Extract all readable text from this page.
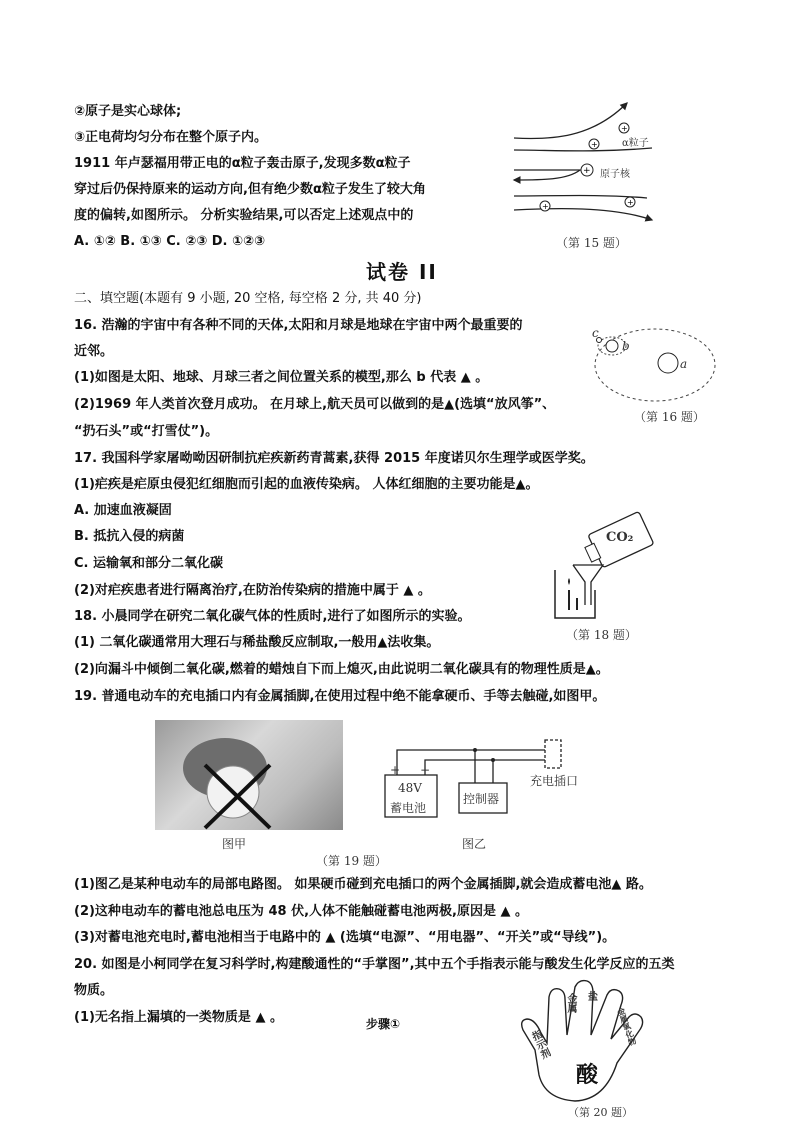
②原子是实心球体;
③正电荷均匀分布在整个原子内。
1911 年卢瑟福用带正电的α粒子轰击原子,发现多数α粒子
穿过后仍保持原来的运动方向,但有绝少数α粒子发生了较大角
度的偏转,如图所示。 分析实验结果,可以否定上述观点中的
A. ①② B. ①③ C. ②③ D. ①②③
+
+
+
+	+
α粒子
原子核
（第 15 题）
试卷 II
二、填空题(本题有 9 小题, 20 空格, 每空格 2 分, 共 40 分)
16. 浩瀚的宇宙中有各种不同的天体,太阳和月球是地球在宇宙中两个最重要的
近邻。
(1)如图是太阳、地球、月球三者之间位置关系的模型,那么 b 代表 ▲ 。
(2)1969 年人类首次登月成功。 在月球上,航天员可以做到的是▲(选填“放风筝”、
“扔石头”或“打雪仗”)。
a
b
c
（第 16 题）
17. 我国科学家屠呦呦因研制抗疟疾新药青蒿素,获得 2015 年度诺贝尔生理学或医学奖。
(1)疟疾是疟原虫侵犯红细胞而引起的血液传染病。 人体红细胞的主要功能是▲。
A. 加速血液凝固
B. 抵抗入侵的病菌
C. 运输氧和部分二氧化碳
(2)对疟疾患者进行隔离治疗,在防治传染病的措施中属于 ▲ 。
18. 小晨同学在研究二氧化碳气体的性质时,进行了如图所示的实验。
(1) 二氧化碳通常用大理石与稀盐酸反应制取,一般用▲法收集。
(2)向漏斗中倾倒二氧化碳,燃着的蜡烛自下而上熄灭,由此说明二氧化碳具有的物理性质是▲。
CO₂
（第 18 题）
19. 普通电动车的充电插口内有金属插脚,在使用过程中绝不能拿硬币、手等去触碰,如图甲。
图甲
+ −
48V
蓄电池
控制器
充电插口
图乙
（第 19 题）
(1)图乙是某种电动车的局部电路图。 如果硬币碰到充电插口的两个金属插脚,就会造成蓄电池▲ 路。
(2)这种电动车的蓄电池总电压为 48 伏,人体不能触碰蓄电池两极,原因是 ▲ 。
(3)对蓄电池充电时,蓄电池相当于电路中的 ▲ (选填“电源”、“用电器”、“开关”或“导线”)。
20. 如图是小柯同学在复习科学时,构建酸通性的“手掌图”,其中五个手指表示能与酸发生化学反应的五类
物质。
(1)无名指上漏填的一类物质是 ▲ 。	步骤①
金属 盐
金属氧化物
指示剂
酸
（第 20 题）
